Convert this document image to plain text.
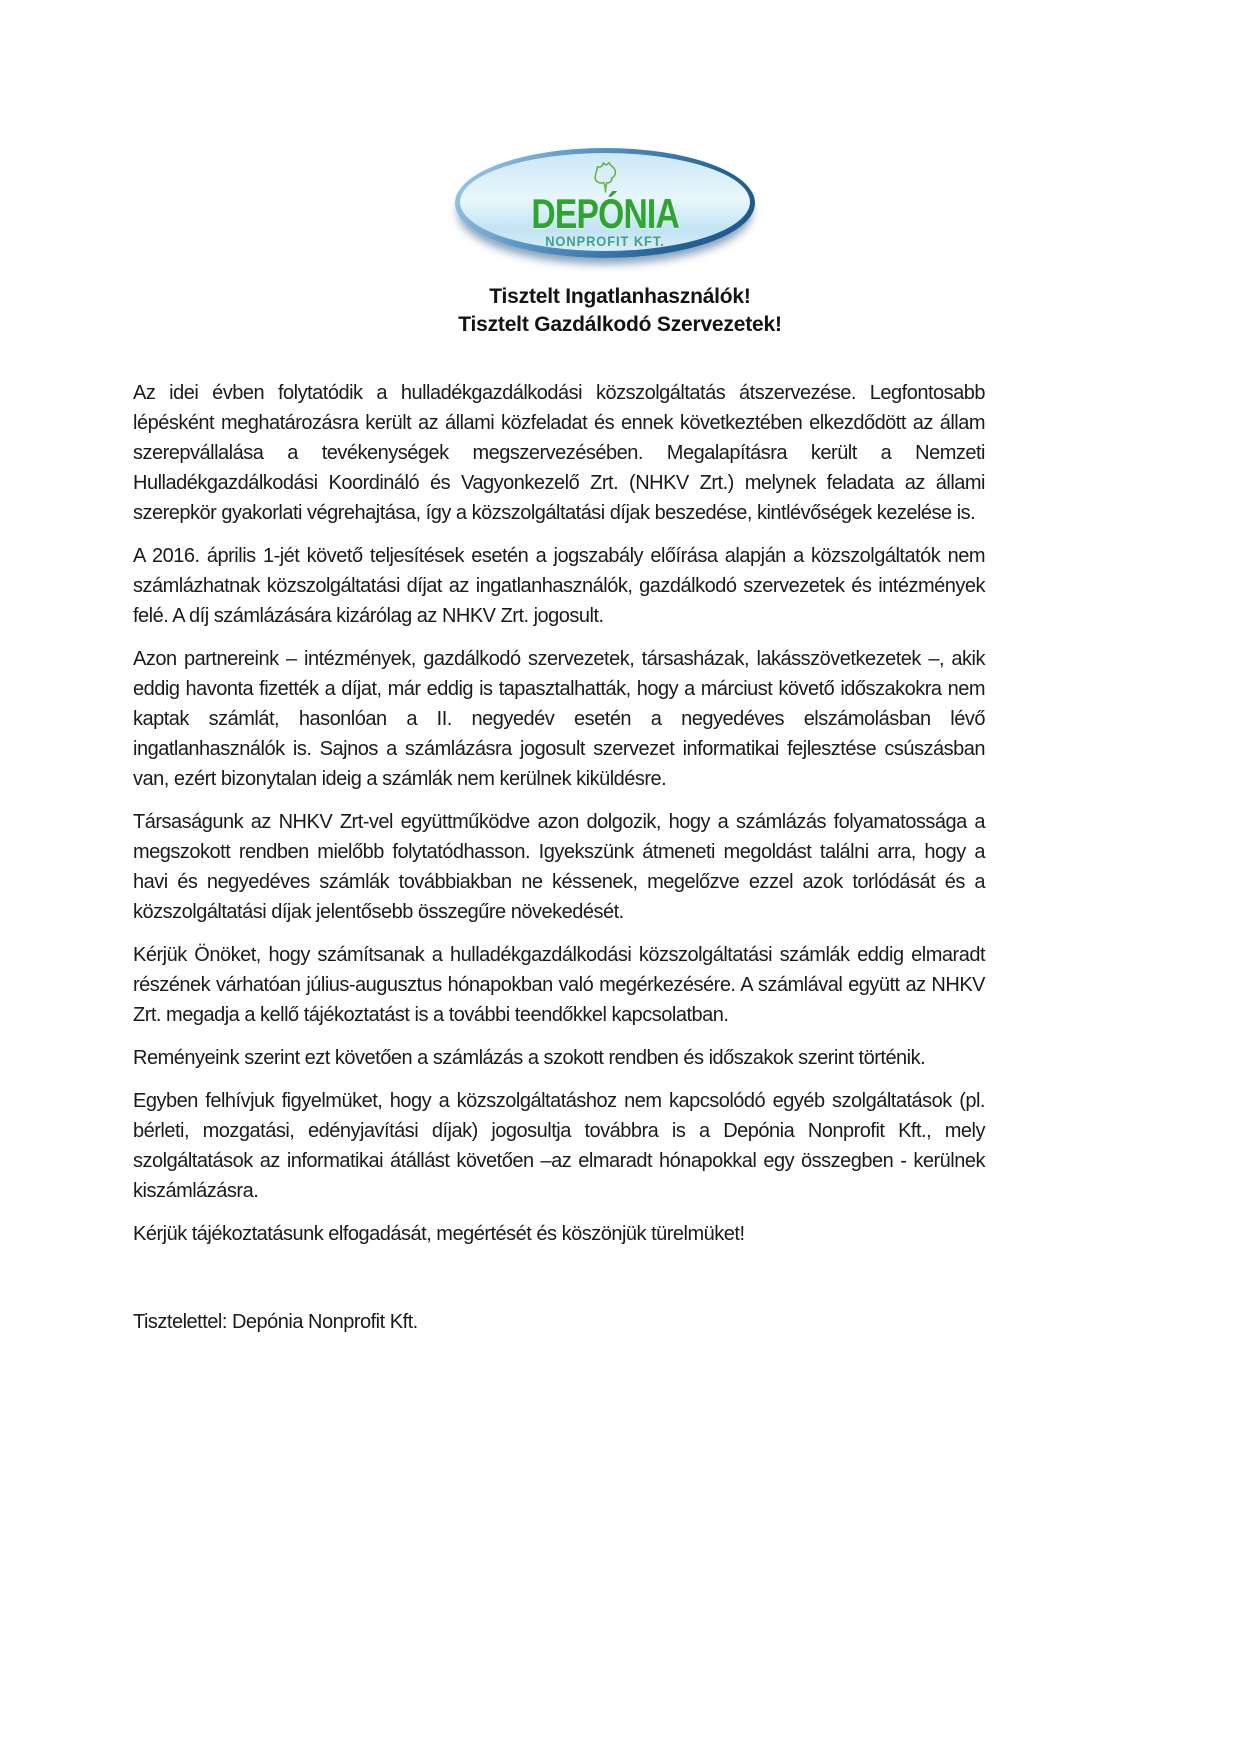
DEPÓNIA
NONPROFIT KFT.
Tisztelt Ingatlanhasználók!
Tisztelt Gazdálkodó Szervezetek!

Az idei évben folytatódik a hulladékgazdálkodási közszolgáltatás átszervezése. Legfontosabb lépésként meghatározásra került az állami közfeladat és ennek következtében elkezdődött az állam szerepvállalása a tevékenységek megszervezésében. Megalapításra került a Nemzeti Hulladékgazdálkodási Koordináló és Vagyonkezelő Zrt. (NHKV Zrt.) melynek feladata az állami szerepkör gyakorlati végrehajtása, így a közszolgáltatási díjak beszedése, kintlévőségek kezelése is.

A 2016. április 1-jét követő teljesítések esetén a jogszabály előírása alapján a közszolgáltatók nem számlázhatnak közszolgáltatási díjat az ingatlanhasználók, gazdálkodó szervezetek és intézmények felé. A díj számlázására kizárólag az NHKV Zrt. jogosult.

Azon partnereink – intézmények, gazdálkodó szervezetek, társasházak, lakásszövetkezetek –, akik eddig havonta fizették a díjat, már eddig is tapasztalhatták, hogy a márciust követő időszakokra nem kaptak számlát, hasonlóan a II. negyedév esetén a negyedéves elszámolásban lévő ingatlanhasználók is. Sajnos a számlázásra jogosult szervezet informatikai fejlesztése csúszásban van, ezért bizonytalan ideig a számlák nem kerülnek kiküldésre.

Társaságunk az NHKV Zrt-vel együttműködve azon dolgozik, hogy a számlázás folyamatossága a megszokott rendben mielőbb folytatódhasson. Igyekszünk átmeneti megoldást találni arra, hogy a havi és negyedéves számlák továbbiakban ne késsenek, megelőzve ezzel azok torlódását és a közszolgáltatási díjak jelentősebb összegűre növekedését.

Kérjük Önöket, hogy számítsanak a hulladékgazdálkodási közszolgáltatási számlák eddig elmaradt részének várhatóan július-augusztus hónapokban való megérkezésére. A számlával együtt az NHKV Zrt. megadja a kellő tájékoztatást is a további teendőkkel kapcsolatban.

Reményeink szerint ezt követően a számlázás a szokott rendben és időszakok szerint történik.

Egyben felhívjuk figyelmüket, hogy a közszolgáltatáshoz nem kapcsolódó egyéb szolgáltatások (pl. bérleti, mozgatási, edényjavítási díjak) jogosultja továbbra is a Depónia Nonprofit Kft., mely szolgáltatások az informatikai átállást követően –az elmaradt hónapokkal egy összegben - kerülnek kiszámlázásra.

Kérjük tájékoztatásunk elfogadását, megértését és köszönjük türelmüket!

Tisztelettel: Depónia Nonprofit Kft.
